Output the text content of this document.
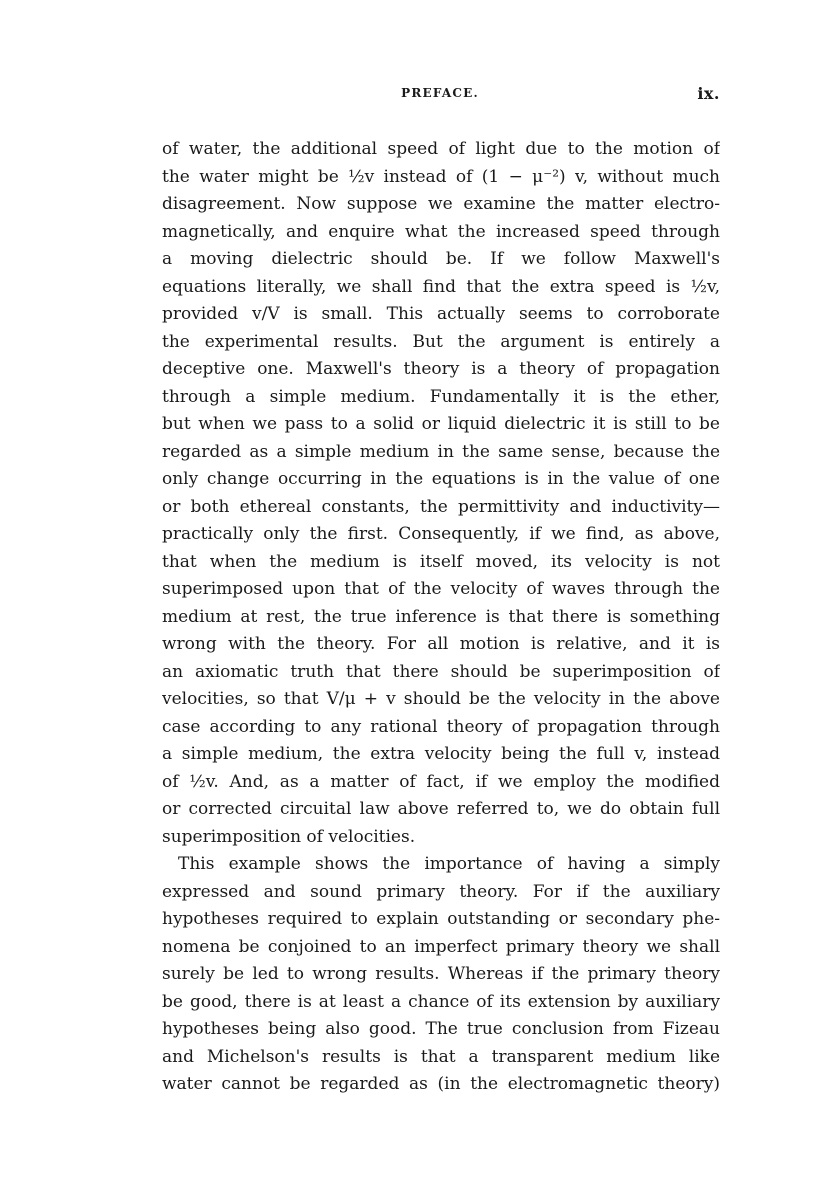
PREFACE.	ix.
of water, the additional speed of light due to the motion of
the water might be ½v instead of (1 − μ⁻²) v, without much
disagreement. Now suppose we examine the matter electro-
magnetically, and enquire what the increased speed through
a moving dielectric should be. If we follow Maxwell's
equations literally, we shall find that the extra speed is ½v,
provided v/V is small. This actually seems to corroborate
the experimental results. But the argument is entirely a
deceptive one. Maxwell's theory is a theory of propagation
through a simple medium. Fundamentally it is the ether,
but when we pass to a solid or liquid dielectric it is still to be
regarded as a simple medium in the same sense, because the
only change occurring in the equations is in the value of one
or both ethereal constants, the permittivity and inductivity—
practically only the first. Consequently, if we find, as above,
that when the medium is itself moved, its velocity is not
superimposed upon that of the velocity of waves through the
medium at rest, the true inference is that there is something
wrong with the theory. For all motion is relative, and it is
an axiomatic truth that there should be superimposition of
velocities, so that V/μ + v should be the velocity in the above
case according to any rational theory of propagation through
a simple medium, the extra velocity being the full v, instead
of ½v. And, as a matter of fact, if we employ the modified
or corrected circuital law above referred to, we do obtain full
superimposition of velocities.
This example shows the importance of having a simply
expressed and sound primary theory. For if the auxiliary
hypotheses required to explain outstanding or secondary phe-
nomena be conjoined to an imperfect primary theory we shall
surely be led to wrong results. Whereas if the primary theory
be good, there is at least a chance of its extension by auxiliary
hypotheses being also good. The true conclusion from Fizeau
and Michelson's results is that a transparent medium like
water cannot be regarded as (in the electromagnetic theory)
